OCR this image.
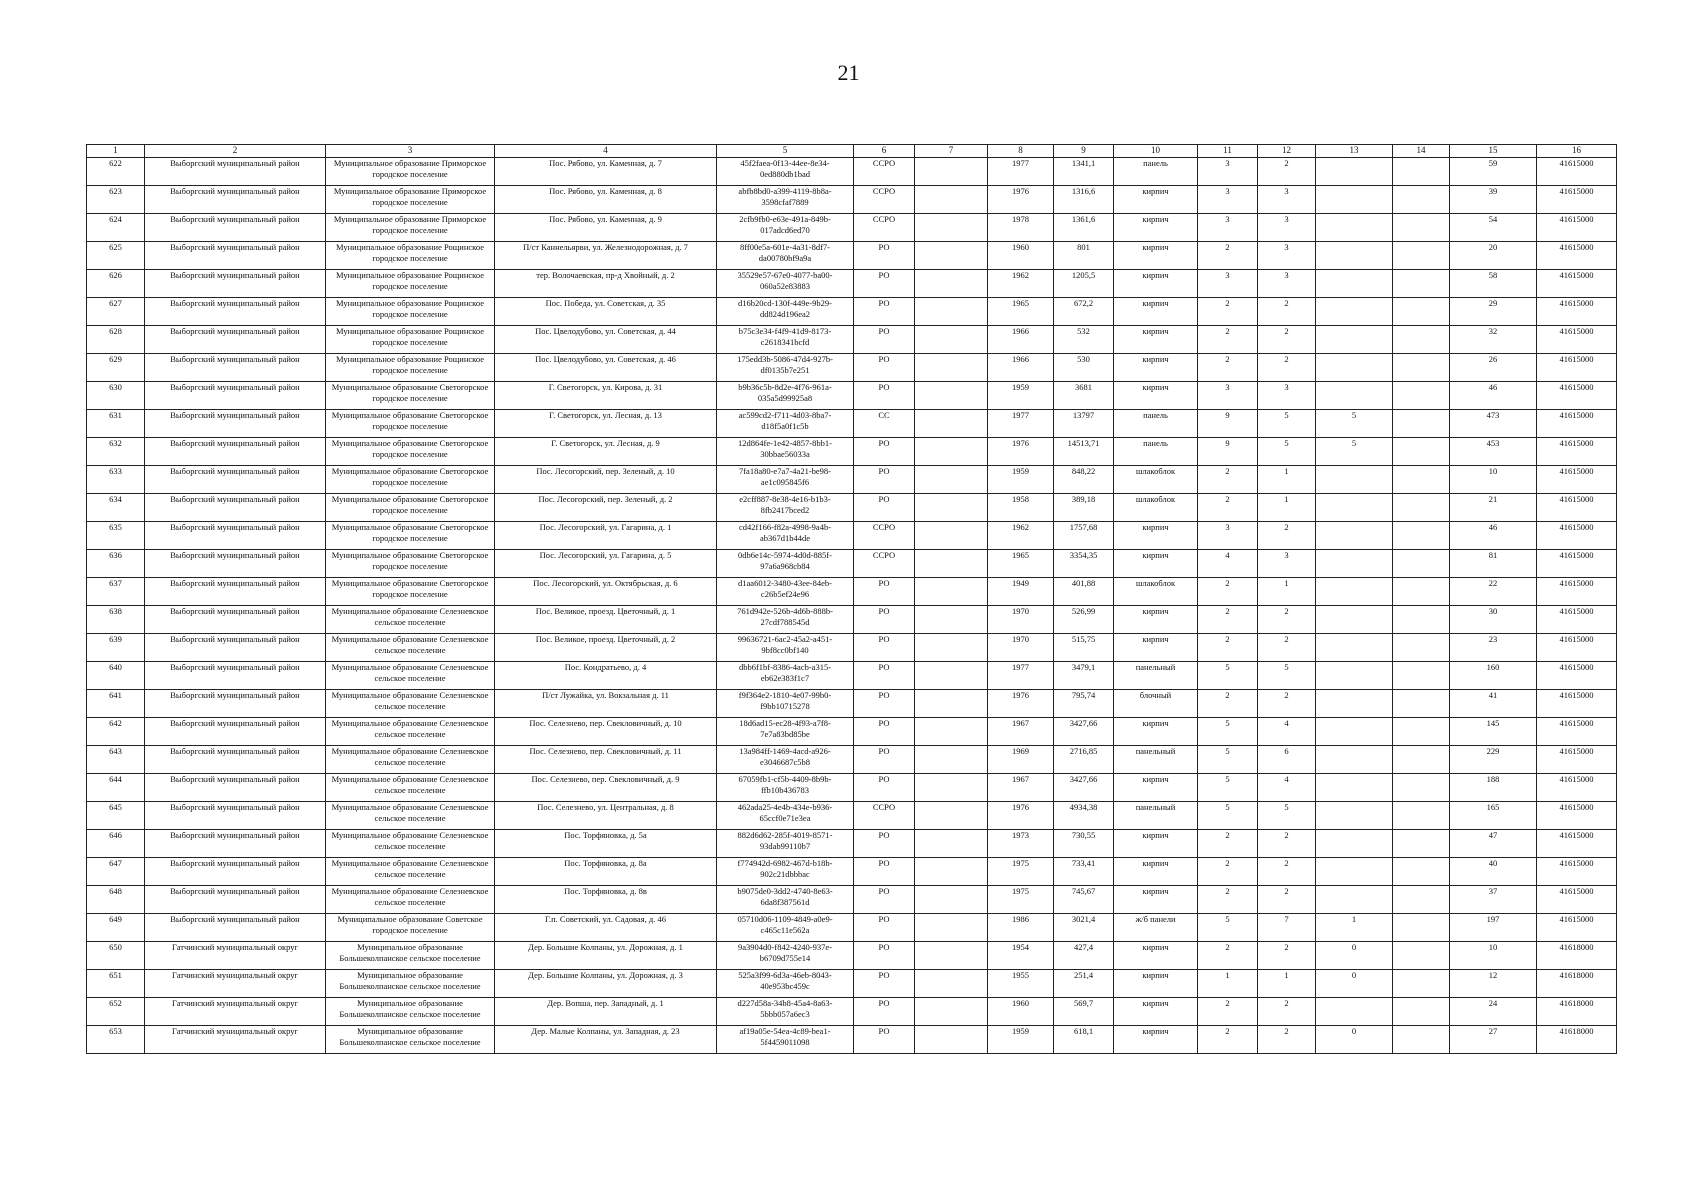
21
1	2	3	4	5	6	7	8	9	10	11	12	13	14	15	16
622	Выборгский муниципальный район	Муниципальное образование Приморское городское поселение	Пос. Рябово, ул. Каменная, д. 7	45f2faea-0f13-44ee-8e34-0ed880db1bad	ССРО		1977	1341,1	панель	3	2			59	41615000
623	Выборгский муниципальный район	Муниципальное образование Приморское городское поселение	Пос. Рябово, ул. Каменная, д. 8	abfb8bd0-a399-4119-8b8a-3598cfaf7889	ССРО		1976	1316,6	кирпич	3	3			39	41615000
624	Выборгский муниципальный район	Муниципальное образование Приморское городское поселение	Пос. Рябово, ул. Каменная, д. 9	2cfb9fb0-e63e-491a-849b-017adcd6ed70	ССРО		1978	1361,6	кирпич	3	3			54	41615000
625	Выборгский муниципальный район	Муниципальное образование Рощинское городское поселение	П/ст Каннельярви, ул. Железнодорожная, д. 7	8ff00e5a-601e-4a31-8df7-da00780bf9a9a	РО		1960	801	кирпич	2	3			20	41615000
626	Выборгский муниципальный район	Муниципальное образование Рощинское городское поселение	тер. Волочаевская, пр-д Хвойный, д. 2	35529e57-67e0-4077-ba00-060a52e83883	РО		1962	1205,5	кирпич	3	3			58	41615000
627	Выборгский муниципальный район	Муниципальное образование Рощинское городское поселение	Пос. Победа, ул. Советская, д. 35	d16b20cd-130f-449e-9b29-dd824d196ea2	РО		1965	672,2	кирпич	2	2			29	41615000
628	Выборгский муниципальный район	Муниципальное образование Рощинское городское поселение	Пос. Цвелодубово, ул. Советская, д. 44	b75c3e34-f4f9-41d9-8173-c2618341bcfd	РО		1966	532	кирпич	2	2			32	41615000
629	Выборгский муниципальный район	Муниципальное образование Рощинское городское поселение	Пос. Цвелодубово, ул. Советская, д. 46	175edd3b-5086-47d4-927b-df0135b7e251	РО		1966	530	кирпич	2	2			26	41615000
630	Выборгский муниципальный район	Муниципальное образование Светогорское городское поселение	Г. Светогорск, ул. Кирова, д. 31	b9b36c5b-8d2e-4f76-961a-035a5d99925a8	РО		1959	3681	кирпич	3	3			46	41615000
631	Выборгский муниципальный район	Муниципальное образование Светогорское городское поселение	Г. Светогорск, ул. Лесная, д. 13	ac599cd2-f711-4d03-8ba7-d18f5a0f1c5b	СС		1977	13797	панель	9	5	5		473	41615000
632	Выборгский муниципальный район	Муниципальное образование Светогорское городское поселение	Г. Светогорск, ул. Лесная, д. 9	12d864fe-1e42-4857-8bb1-30bbae56033a	РО		1976	14513,71	панель	9	5	5		453	41615000
633	Выборгский муниципальный район	Муниципальное образование Светогорское городское поселение	Пос. Лесогорский, пер. Зеленый, д. 10	7fa18a80-e7a7-4a21-be98-ae1c095845f6	РО		1959	848,22	шлакоблок	2	1			10	41615000
634	Выборгский муниципальный район	Муниципальное образование Светогорское городское поселение	Пос. Лесогорский, пер. Зеленый, д. 2	e2cff887-8e38-4e16-b1b3-8fb2417bced2	РО		1958	389,18	шлакоблок	2	1			21	41615000
635	Выборгский муниципальный район	Муниципальное образование Светогорское городское поселение	Пос. Лесогорский, ул. Гагарина, д. 1	cd42f166-f82a-4998-9a4b-ab367d1b44de	ССРО		1962	1757,68	кирпич	3	2			46	41615000
636	Выборгский муниципальный район	Муниципальное образование Светогорское городское поселение	Пос. Лесогорский, ул. Гагарина, д. 5	0db6e14c-5974-4d0d-885f-97a6a968cb84	ССРО		1965	3354,35	кирпич	4	3			81	41615000
637	Выборгский муниципальный район	Муниципальное образование Светогорское городское поселение	Пос. Лесогорский, ул. Октябрьская, д. 6	d1aa6012-3480-43ee-84eb-c26b5ef24e96	РО		1949	401,88	шлакоблок	2	1			22	41615000
638	Выборгский муниципальный район	Муниципальное образование Селезневское сельское поселение	Пос. Великое, проезд. Цветочный, д. 1	761d942e-526b-4d6b-888b-27cdf788545d	РО		1970	526,99	кирпич	2	2			30	41615000
639	Выборгский муниципальный район	Муниципальное образование Селезневское сельское поселение	Пос. Великое, проезд. Цветочный, д. 2	99636721-6ac2-45a2-a451-9bf8cc0bf140	РО		1970	515,75	кирпич	2	2			23	41615000
640	Выборгский муниципальный район	Муниципальное образование Селезневское сельское поселение	Пос. Кондратьево, д. 4	dbb6f1bf-8386-4acb-a315-eb62e383f1c7	РО		1977	3479,1	панельный	5	5			160	41615000
641	Выборгский муниципальный район	Муниципальное образование Селезневское сельское поселение	П/ст Лужайка, ул. Вокзальная д. 11	f9f364e2-1810-4e07-99b0-f9bb10715278	РО		1976	795,74	блочный	2	2			41	41615000
642	Выборгский муниципальный район	Муниципальное образование Селезневское сельское поселение	Пос. Селезнево, пер. Свекловичный, д. 10	18d6ad15-ec28-4f93-a7f8-7e7a83bd85be	РО		1967	3427,66	кирпич	5	4			145	41615000
643	Выборгский муниципальный район	Муниципальное образование Селезневское сельское поселение	Пос. Селезнево, пер. Свекловичный, д. 11	13a984ff-1469-4acd-a926-e3046687c5b8	РО		1969	2716,85	панельный	5	6			229	41615000
644	Выборгский муниципальный район	Муниципальное образование Селезневское сельское поселение	Пос. Селезнево, пер. Свекловичный, д. 9	67059fb1-cf5b-4409-8b9b-ffb10b436783	РО		1967	3427,66	кирпич	5	4			188	41615000
645	Выборгский муниципальный район	Муниципальное образование Селезневское сельское поселение	Пос. Селезнево, ул. Центральная, д. 8	462ada25-4e4b-434e-b936-65ccf0e71e3ea	ССРО		1976	4934,38	панельный	5	5			165	41615000
646	Выборгский муниципальный район	Муниципальное образование Селезневское сельское поселение	Пос. Торфяновка, д. 5а	882d6d62-285f-4019-8571-93dab99110b7	РО		1973	730,55	кирпич	2	2			47	41615000
647	Выборгский муниципальный район	Муниципальное образование Селезневское сельское поселение	Пос. Торфяновка, д. 8а	f774942d-6982-467d-b18b-902c21dbbbac	РО		1975	733,41	кирпич	2	2			40	41615000
648	Выборгский муниципальный район	Муниципальное образование Селезневское сельское поселение	Пос. Торфяновка, д. 8в	b9075de0-3dd2-4740-8e63-6da8f387561d	РО		1975	745,67	кирпич	2	2			37	41615000
649	Выборгский муниципальный район	Муниципальное образование Советское городское поселение	Г.п. Советский, ул. Садовая, д. 46	05710d06-1109-4849-a0e9-c465c11e562a	РО		1986	3021,4	ж/б панели	5	7	1		197	41615000
650	Гатчинский муниципальный округ	Муниципальное образование Большеколпанское сельское поселение	Дер. Большие Колпаны, ул. Дорожная, д. 1	9a3904d0-f842-4240-937e-b6709d755e14	РО		1954	427,4	кирпич	2	2	0		10	41618000
651	Гатчинский муниципальный округ	Муниципальное образование Большеколпанское сельское поселение	Дер. Большие Колпаны, ул. Дорожная, д. 3	525a3f99-6d3a-46eb-8043-40e953bc459c	РО		1955	251,4	кирпич	1	1	0		12	41618000
652	Гатчинский муниципальный округ	Муниципальное образование Большеколпанское сельское поселение	Дер. Вопша, пер. Западный, д. 1	d227d58a-34b8-45a4-8a63-5bbb057a6ec3	РО		1960	569,7	кирпич	2	2			24	41618000
653	Гатчинский муниципальный округ	Муниципальное образование Большеколпанское сельское поселение	Дер. Малые Колпаны, ул. Западная, д. 23	af19a05e-54ea-4c89-bea1-5f4459011098	РО		1959	618,1	кирпич	2	2	0		27	41618000
